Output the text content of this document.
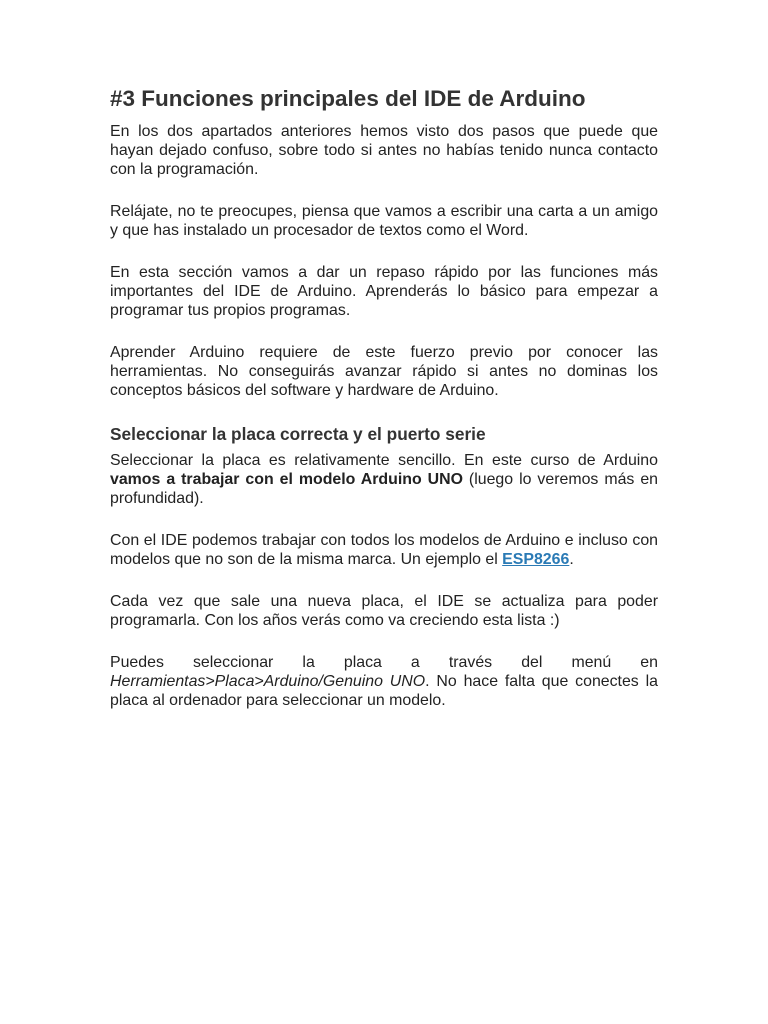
#3 Funciones principales del IDE de Arduino

En los dos apartados anteriores hemos visto dos pasos que puede que hayan dejado confuso, sobre todo si antes no habías tenido nunca contacto con la programación.

Relájate, no te preocupes, piensa que vamos a escribir una carta a un amigo y que has instalado un procesador de textos como el Word.

En esta sección vamos a dar un repaso rápido por las funciones más importantes del IDE de Arduino. Aprenderás lo básico para empezar a programar tus propios programas.

Aprender Arduino requiere de este fuerzo previo por conocer las herramientas. No conseguirás avanzar rápido si antes no dominas los conceptos básicos del software y hardware de Arduino.

Seleccionar la placa correcta y el puerto serie

Seleccionar la placa es relativamente sencillo. En este curso de Arduino vamos a trabajar con el modelo Arduino UNO (luego lo veremos más en profundidad).

Con el IDE podemos trabajar con todos los modelos de Arduino e incluso con modelos que no son de la misma marca. Un ejemplo el ESP8266.

Cada vez que sale una nueva placa, el IDE se actualiza para poder programarla. Con los años verás como va creciendo esta lista :)

Puedes seleccionar la placa a través del menú en Herramientas>Placa>Arduino/Genuino UNO. No hace falta que conectes la placa al ordenador para seleccionar un modelo.
